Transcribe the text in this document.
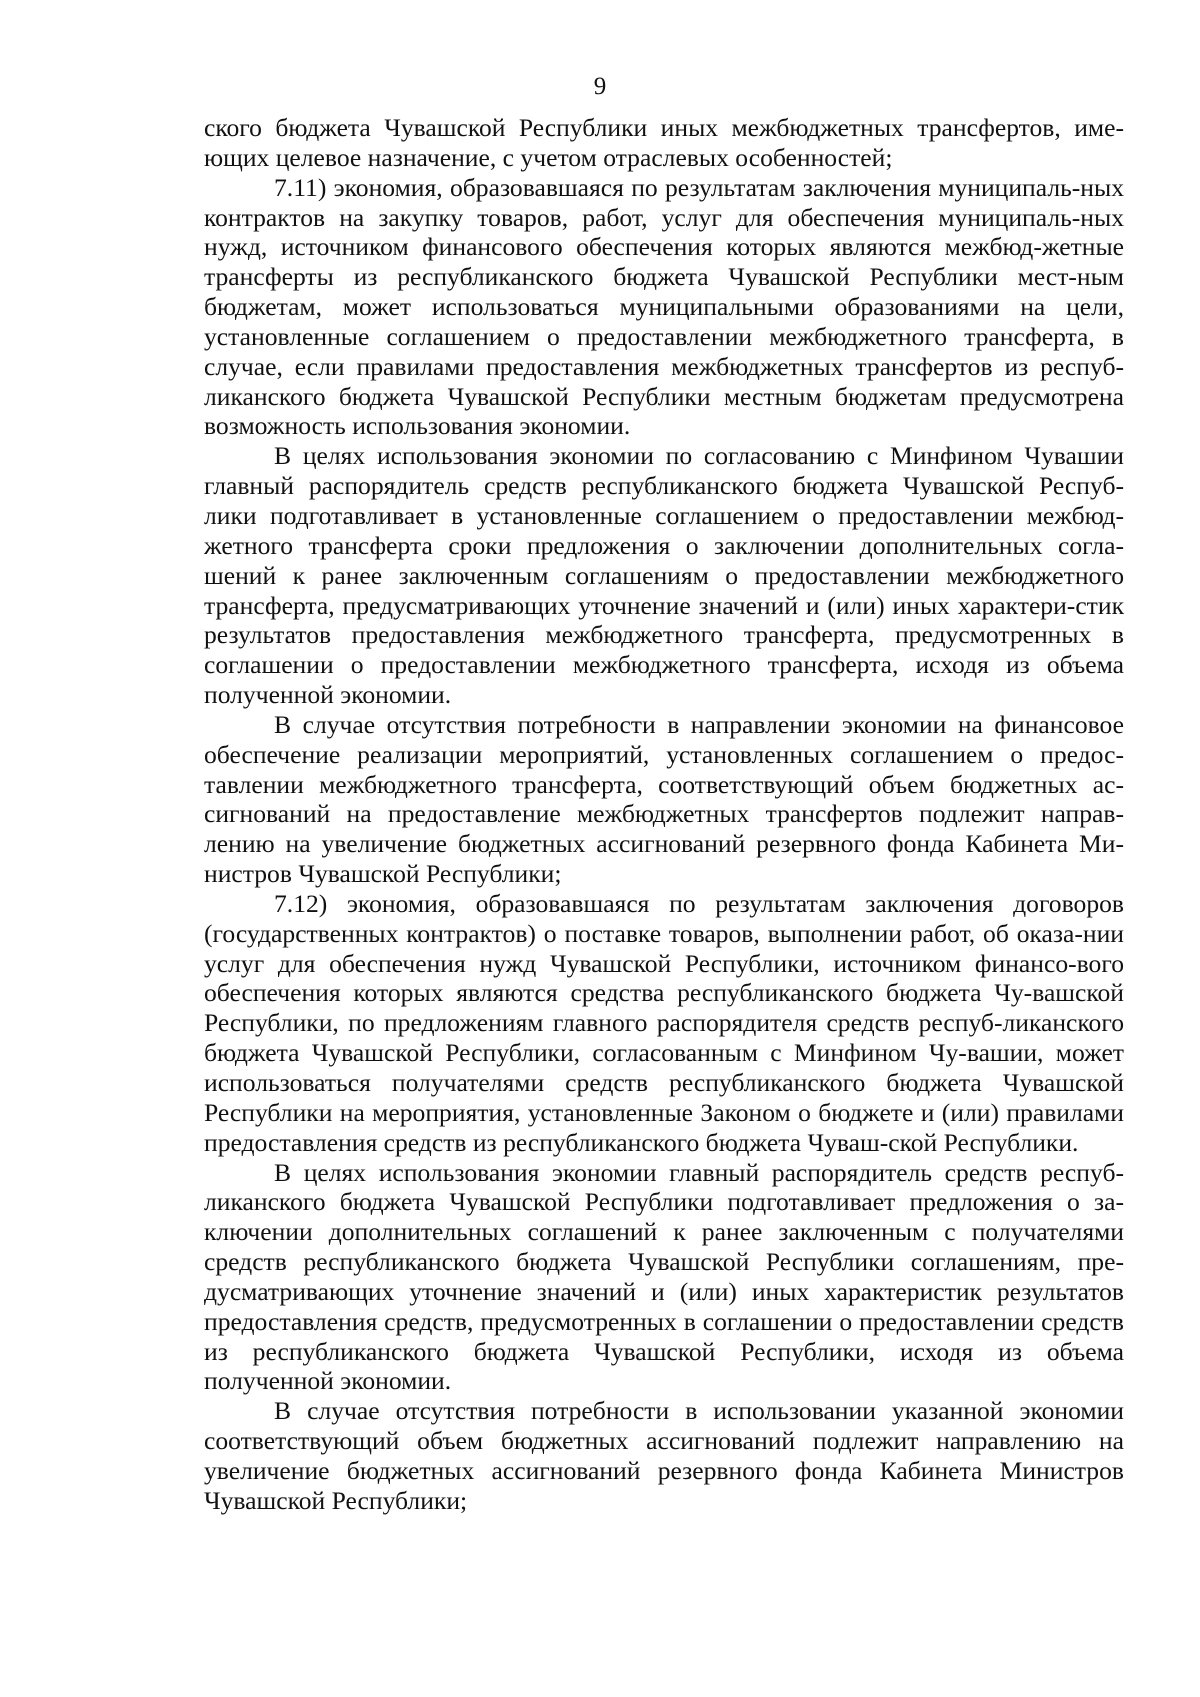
9

ского бюджета Чувашской Республики иных межбюджетных трансфертов, име-ющих целевое назначение, с учетом отраслевых особенностей;

7.11) экономия, образовавшаяся по результатам заключения муниципаль-ных контрактов на закупку товаров, работ, услуг для обеспечения муниципаль-ных нужд, источником финансового обеспечения которых являются межбюд-жетные трансферты из республиканского бюджета Чувашской Республики мест-ным бюджетам, может использоваться муниципальными образованиями на цели, установленные соглашением о предоставлении межбюджетного трансферта, в случае, если правилами предоставления межбюджетных трансфертов из респуб-ликанского бюджета Чувашской Республики местным бюджетам предусмотрена возможность использования экономии.

В целях использования экономии по согласованию с Минфином Чувашии главный распорядитель средств республиканского бюджета Чувашской Респуб-лики подготавливает в установленные соглашением о предоставлении межбюд-жетного трансферта сроки предложения о заключении дополнительных согла-шений к ранее заключенным соглашениям о предоставлении межбюджетного трансферта, предусматривающих уточнение значений и (или) иных характери-стик результатов предоставления межбюджетного трансферта, предусмотренных в соглашении о предоставлении межбюджетного трансферта, исходя из объема полученной экономии.

В случае отсутствия потребности в направлении экономии на финансовое обеспечение реализации мероприятий, установленных соглашением о предос-тавлении межбюджетного трансферта, соответствующий объем бюджетных ас-сигнований на предоставление межбюджетных трансфертов подлежит направ-лению на увеличение бюджетных ассигнований резервного фонда Кабинета Ми-нистров Чувашской Республики;

7.12) экономия, образовавшаяся по результатам заключения договоров (государственных контрактов) о поставке товаров, выполнении работ, об оказа-нии услуг для обеспечения нужд Чувашской Республики, источником финансо-вого обеспечения которых являются средства республиканского бюджета Чу-вашской Республики, по предложениям главного распорядителя средств респуб-ликанского бюджета Чувашской Республики, согласованным с Минфином Чу-вашии, может использоваться получателями средств республиканского бюджета Чувашской Республики на мероприятия, установленные Законом о бюджете и (или) правилами предоставления средств из республиканского бюджета Чуваш-ской Республики.

В целях использования экономии главный распорядитель средств респуб-ликанского бюджета Чувашской Республики подготавливает предложения о за-ключении дополнительных соглашений к ранее заключенным с получателями средств республиканского бюджета Чувашской Республики соглашениям, пре-дусматривающих уточнение значений и (или) иных характеристик результатов предоставления средств, предусмотренных в соглашении о предоставлении средств из республиканского бюджета Чувашской Республики, исходя из объема полученной экономии.

В случае отсутствия потребности в использовании указанной экономии соответствующий объем бюджетных ассигнований подлежит направлению на увеличение бюджетных ассигнований резервного фонда Кабинета Министров Чувашской Республики;
